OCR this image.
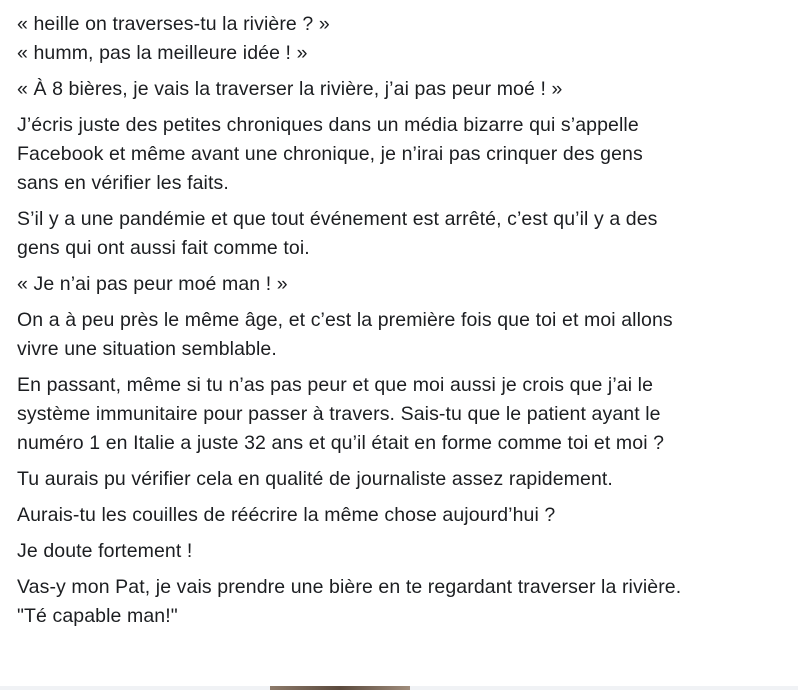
« heille on traverses-tu la rivière ? »

« humm, pas la meilleure idée ! »

« À 8 bières, je vais la traverser la rivière, j’ai pas peur moé ! »

J’écris juste des petites chroniques dans un média bizarre qui s’appelle
Facebook et même avant une chronique, je n’irai pas crinquer des gens
sans en vérifier les faits.

S’il y a une pandémie et que tout événement est arrêté, c’est qu’il y a des
gens qui ont aussi fait comme toi.

« Je n’ai pas peur moé man ! »

On a à peu près le même âge, et c’est la première fois que toi et moi allons
vivre une situation semblable.

En passant, même si tu n’as pas peur et que moi aussi je crois que j’ai le
système immunitaire pour passer à travers. Sais-tu que le patient ayant le
numéro 1 en Italie a juste 32 ans et qu’il était en forme comme toi et moi ?

Tu aurais pu vérifier cela en qualité de journaliste assez rapidement.

Aurais-tu les couilles de réécrire la même chose aujourd’hui ?

Je doute fortement !

Vas-y mon Pat, je vais prendre une bière en te regardant traverser la rivière.
"Té capable man!"
